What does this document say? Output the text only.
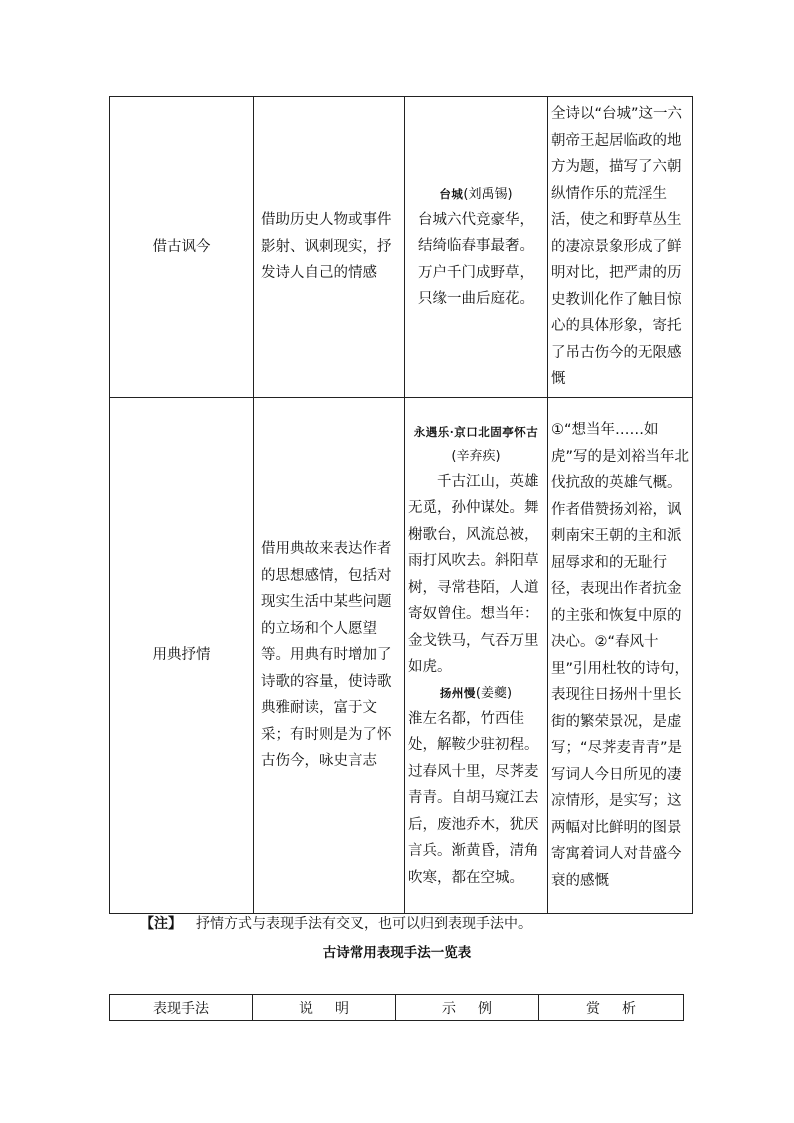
借古讽今	借助历史人物或事件影射、讽刺现实，抒发诗人自己的情感	台城(刘禹锡)
台城六代竞豪华，
结绮临春事最奢。
万户千门成野草，
只缘一曲后庭花。	全诗以“台城”这一六朝帝王起居临政的地方为题，描写了六朝纵情作乐的荒淫生活，使之和野草丛生的凄凉景象形成了鲜明对比，把严肃的历史教训化作了触目惊心的具体形象，寄托了吊古伤今的无限感慨

用典抒情	借用典故来表达作者的思想感情，包括对现实生活中某些问题的立场和个人愿望等。用典有时增加了诗歌的容量，使诗歌典雅耐读，富于文采；有时则是为了怀古伤今，咏史言志	永遇乐·京口北固亭怀古
(辛弃疾)
千古江山，英雄无觅，孙仲谋处。舞榭歌台，风流总被，雨打风吹去。斜阳草树，寻常巷陌，人道寄奴曾住。想当年：金戈铁马，气吞万里如虎。
扬州慢(姜夔)
淮左名都，竹西佳处，解鞍少驻初程。过春风十里，尽荠麦青青。自胡马窥江去后，废池乔木，犹厌言兵。渐黄昏，清角吹寒，都在空城。	①“想当年……如虎”写的是刘裕当年北伐抗敌的英雄气概。作者借赞扬刘裕，讽刺南宋王朝的主和派屈辱求和的无耻行径，表现出作者抗金的主张和恢复中原的决心。②“春风十里”引用杜牧的诗句，表现往日扬州十里长街的繁荣景况，是虚写；“尽荠麦青青”是写词人今日所见的凄凉情形，是实写；这两幅对比鲜明的图景寄寓着词人对昔盛今衰的感慨
【注】 抒情方式与表现手法有交叉，也可以归到表现手法中。
古诗常用表现手法一览表
表现手法	说明	示例	赏析
